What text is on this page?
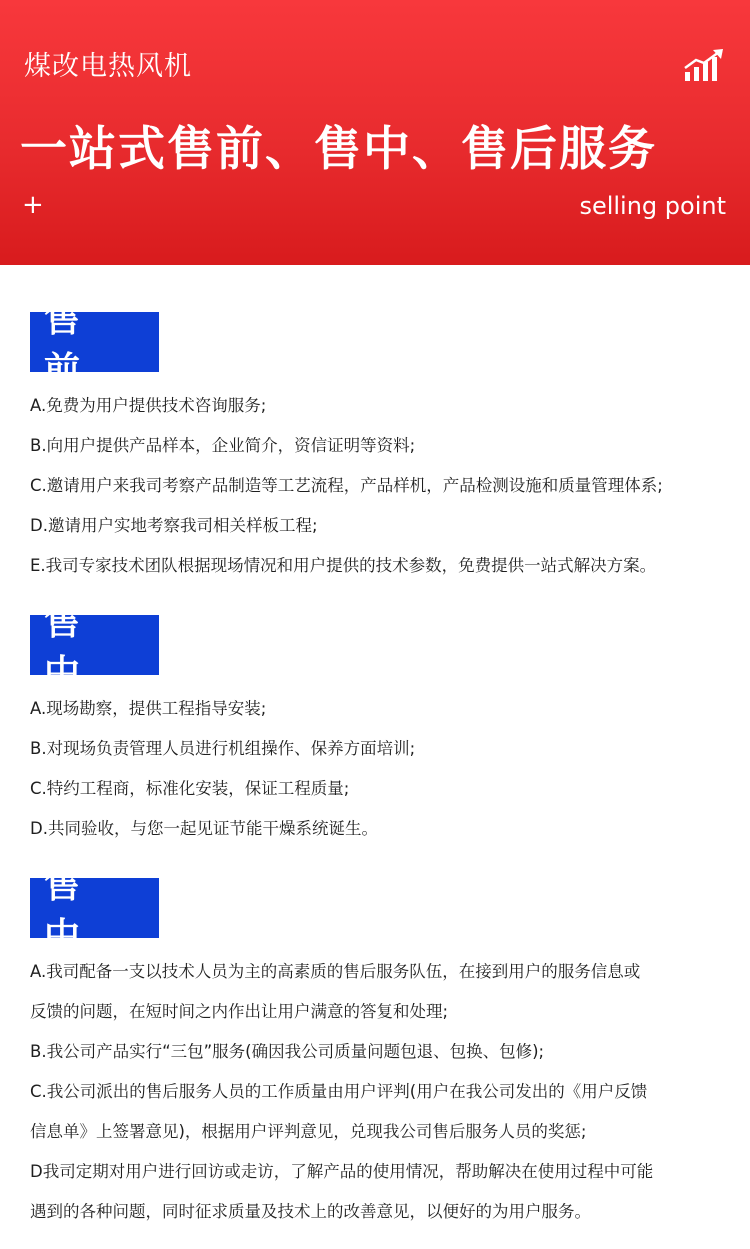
煤改电热风机
一站式售前、售中、售后服务
+	selling point
售 前
A.免费为用户提供技术咨询服务;
B.向用户提供产品样本，企业简介，资信证明等资料;
C.邀请用户来我司考察产品制造等工艺流程，产品样机，产品检测设施和质量管理体系;
D.邀请用户实地考察我司相关样板工程;
E.我司专家技术团队根据现场情况和用户提供的技术参数，免费提供一站式解决方案。
售 中
A.现场勘察，提供工程指导安装;
B.对现场负责管理人员进行机组操作、保养方面培训;
C.特约工程商，标准化安装，保证工程质量;
D.共同验收，与您一起见证节能干燥系统诞生。
售 中
A.我司配备一支以技术人员为主的高素质的售后服务队伍，在接到用户的服务信息或
反馈的问题，在短时间之内作出让用户满意的答复和处理;
B.我公司产品实行“三包”服务(确因我公司质量问题包退、包换、包修);
C.我公司派出的售后服务人员的工作质量由用户评判(用户在我公司发出的《用户反馈
信息单》上签署意见)，根据用户评判意见，兑现我公司售后服务人员的奖惩;
D我司定期对用户进行回访或走访，了解产品的使用情况，帮助解决在使用过程中可能
遇到的各种问题，同时征求质量及技术上的改善意见，以便好的为用户服务。
